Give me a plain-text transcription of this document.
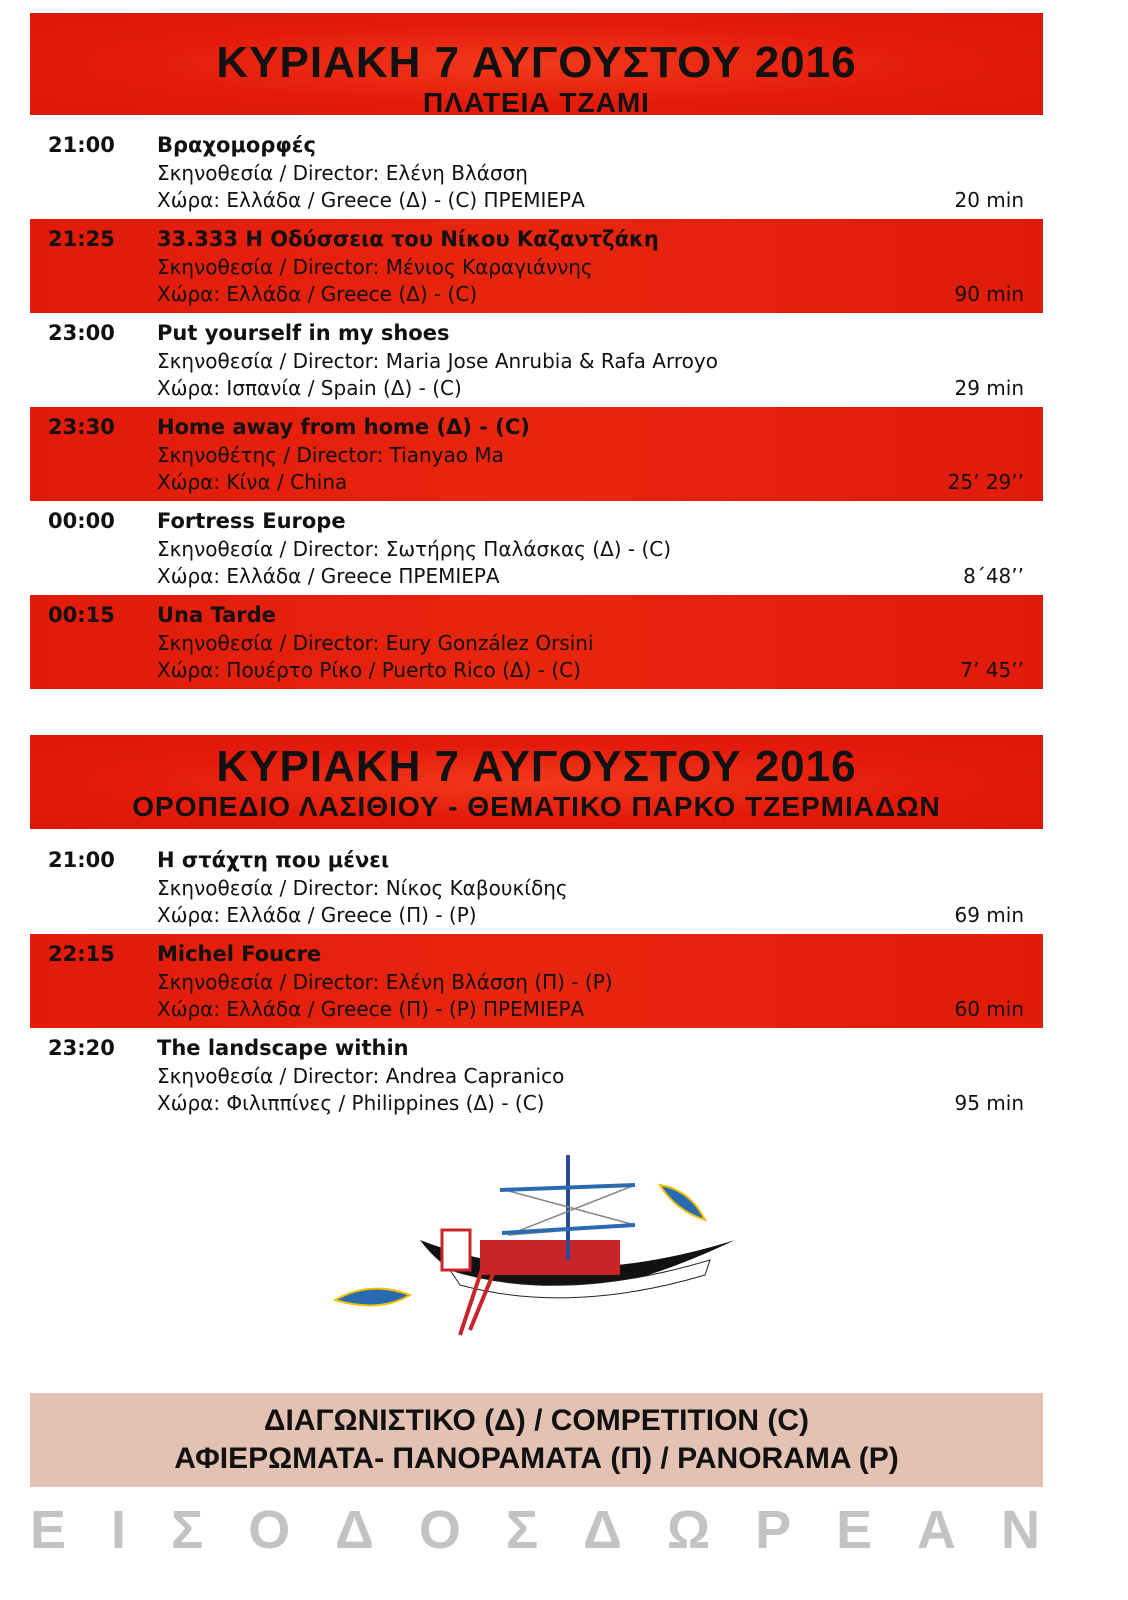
ΚΥΡΙΑΚΗ 7 ΑΥΓΟΥΣΤΟΥ 2016
ΠΛΑΤΕΙΑ ΤΖΑΜΙ
21:00 Βραχομορφές
Σκηνοθεσία / Director: Ελένη Βλάσση
Χώρα: Ελλάδα / Greece (Δ) - (C) ΠΡΕΜΙΕΡΑ	20 min
21:25 33.333 Η Οδύσσεια του Νίκου Καζαντζάκη
Σκηνοθεσία / Director: Μένιος Καραγιάννης
Χώρα: Ελλάδα / Greece (Δ) - (C)	90 min
23:00 Put yourself in my shoes
Σκηνοθεσία / Director: Maria Jose Anrubia & Rafa Arroyo
Χώρα: Ισπανία / Spain (Δ) - (C)	29 min
23:30 Home away from home (Δ) - (C)
Σκηνοθέτης / Director: Tianyao Ma
Χώρα: Κίνα / China	25’ 29’’
00:00 Fortress Europe
Σκηνοθεσία / Director: Σωτήρης Παλάσκας (Δ) - (C)
Χώρα: Ελλάδα / Greece ΠΡΕΜΙΕΡΑ	8΄48’’
00:15 Una Tarde
Σκηνοθεσία / Director: Eury González Orsini
Χώρα: Πουέρτο Ρίκο / Puerto Rico (Δ) - (C)	7’ 45’’
ΚΥΡΙΑΚΗ 7 ΑΥΓΟΥΣΤΟΥ 2016
ΟΡΟΠΕΔΙΟ ΛΑΣΙΘΙΟΥ - ΘΕΜΑΤΙΚΟ ΠΑΡΚΟ ΤΖΕΡΜΙΑΔΩΝ
21:00 Η στάχτη που μένει
Σκηνοθεσία / Director: Νίκος Καβουκίδης
Χώρα: Ελλάδα / Greece (Π) - (P)	69 min
22:15 Michel Foucre
Σκηνοθεσία / Director: Ελένη Βλάσση (Π) - (P)
Χώρα: Ελλάδα / Greece (Π) - (P) ΠΡΕΜΙΕΡΑ	60 min
23:20 The landscape within
Σκηνοθεσία / Director: Andrea Capranico
Χώρα: Φιλιππίνες / Philippines (Δ) - (C)	95 min
ΔΙΑΓΩΝΙΣΤΙΚΟ (Δ) / COMPETITION (C)
ΑΦΙΕΡΩΜΑΤΑ- ΠΑΝΟΡΑΜΑΤΑ (Π) / PANORAMA (P)
Ε Ι Σ Ο Δ Ο Σ Δ Ω Ρ Ε Α Ν
